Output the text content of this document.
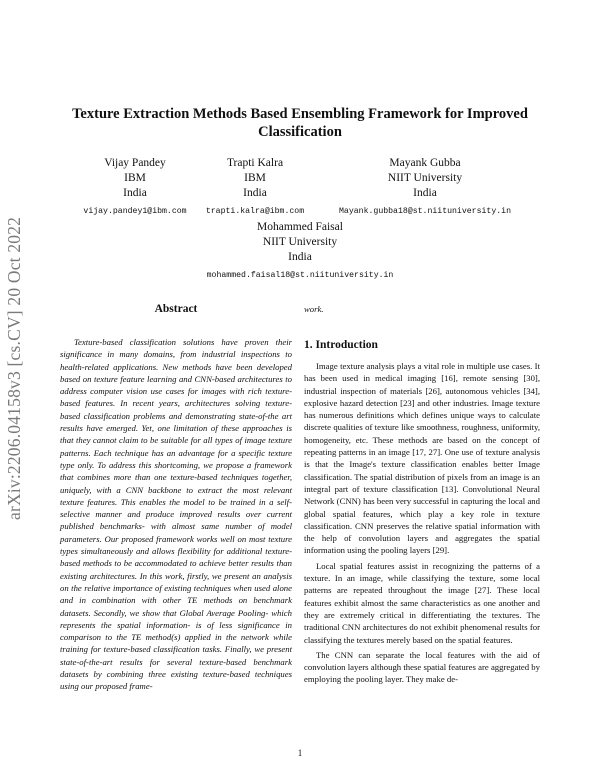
arXiv:2206.04158v3 [cs.CV] 20 Oct 2022
Texture Extraction Methods Based Ensembling Framework for Improved Classification
Vijay Pandey
IBM
India
vijay.pandey1@ibm.com
Trapti Kalra
IBM
India
trapti.kalra@ibm.com
Mayank Gubba
NIIT University
India
Mayank.gubba18@st.niituniversity.in
Mohammed Faisal
NIIT University
India
mohammed.faisal18@st.niituniversity.in
Abstract

Texture-based classification solutions have proven their significance in many domains, from industrial inspections to health-related applications. New methods have been developed based on texture feature learning and CNN-based architectures to address computer vision use cases for images with rich texture-based features. In recent years, architectures solving texture-based classification problems and demonstrating state-of-the art results have emerged. Yet, one limitation of these approaches is that they cannot claim to be suitable for all types of image texture patterns. Each technique has an advantage for a specific texture type only. To address this shortcoming, we propose a framework that combines more than one texture-based techniques together, uniquely, with a CNN backbone to extract the most relevant texture features. This enables the model to be trained in a self-selective manner and produce improved results over current published benchmarks- with almost same number of model parameters. Our proposed framework works well on most texture types simultaneously and allows flexibility for additional texture-based methods to be accommodated to achieve better results than existing architectures. In this work, firstly, we present an analysis on the relative importance of existing techniques when used alone and in combination with other TE methods on benchmark datasets. Secondly, we show that Global Average Pooling- which represents the spatial information- is of less significance in comparison to the TE method(s) applied in the network while training for texture-based classification tasks. Finally, we present state-of-the-art results for several texture-based benchmark datasets by combining three existing texture-based techniques using our proposed frame-

work.
1. Introduction

Image texture analysis plays a vital role in multiple use cases. It has been used in medical imaging [16], remote sensing [30], industrial inspection of materials [26], autonomous vehicles [34], explosive hazard detection [23] and other industries. Image texture has numerous definitions which defines unique ways to calculate discrete qualities of texture like smoothness, roughness, uniformity, homogeneity, etc. These methods are based on the concept of repeating patterns in an image [17, 27]. One use of texture analysis is that the Image's texture classification enables better Image classification. The spatial distribution of pixels from an image is an integral part of texture classification [13]. Convolutional Neural Network (CNN) has been very successful in capturing the local and global spatial features, which play a key role in texture classification. CNN preserves the relative spatial information with the help of convolution layers and aggregates the spatial information using the pooling layers [29].

Local spatial features assist in recognizing the patterns of a texture. In an image, while classifying the texture, some local patterns are repeated throughout the image [27]. These local features exhibit almost the same characteristics as one another and they are extremely critical in differentiating the textures. The traditional CNN architectures do not exhibit phenomenal results for classifying the textures merely based on the spatial features.

The CNN can separate the local features with the aid of convolution layers although these spatial features are aggregated by employing the pooling layer. They make de-

1
